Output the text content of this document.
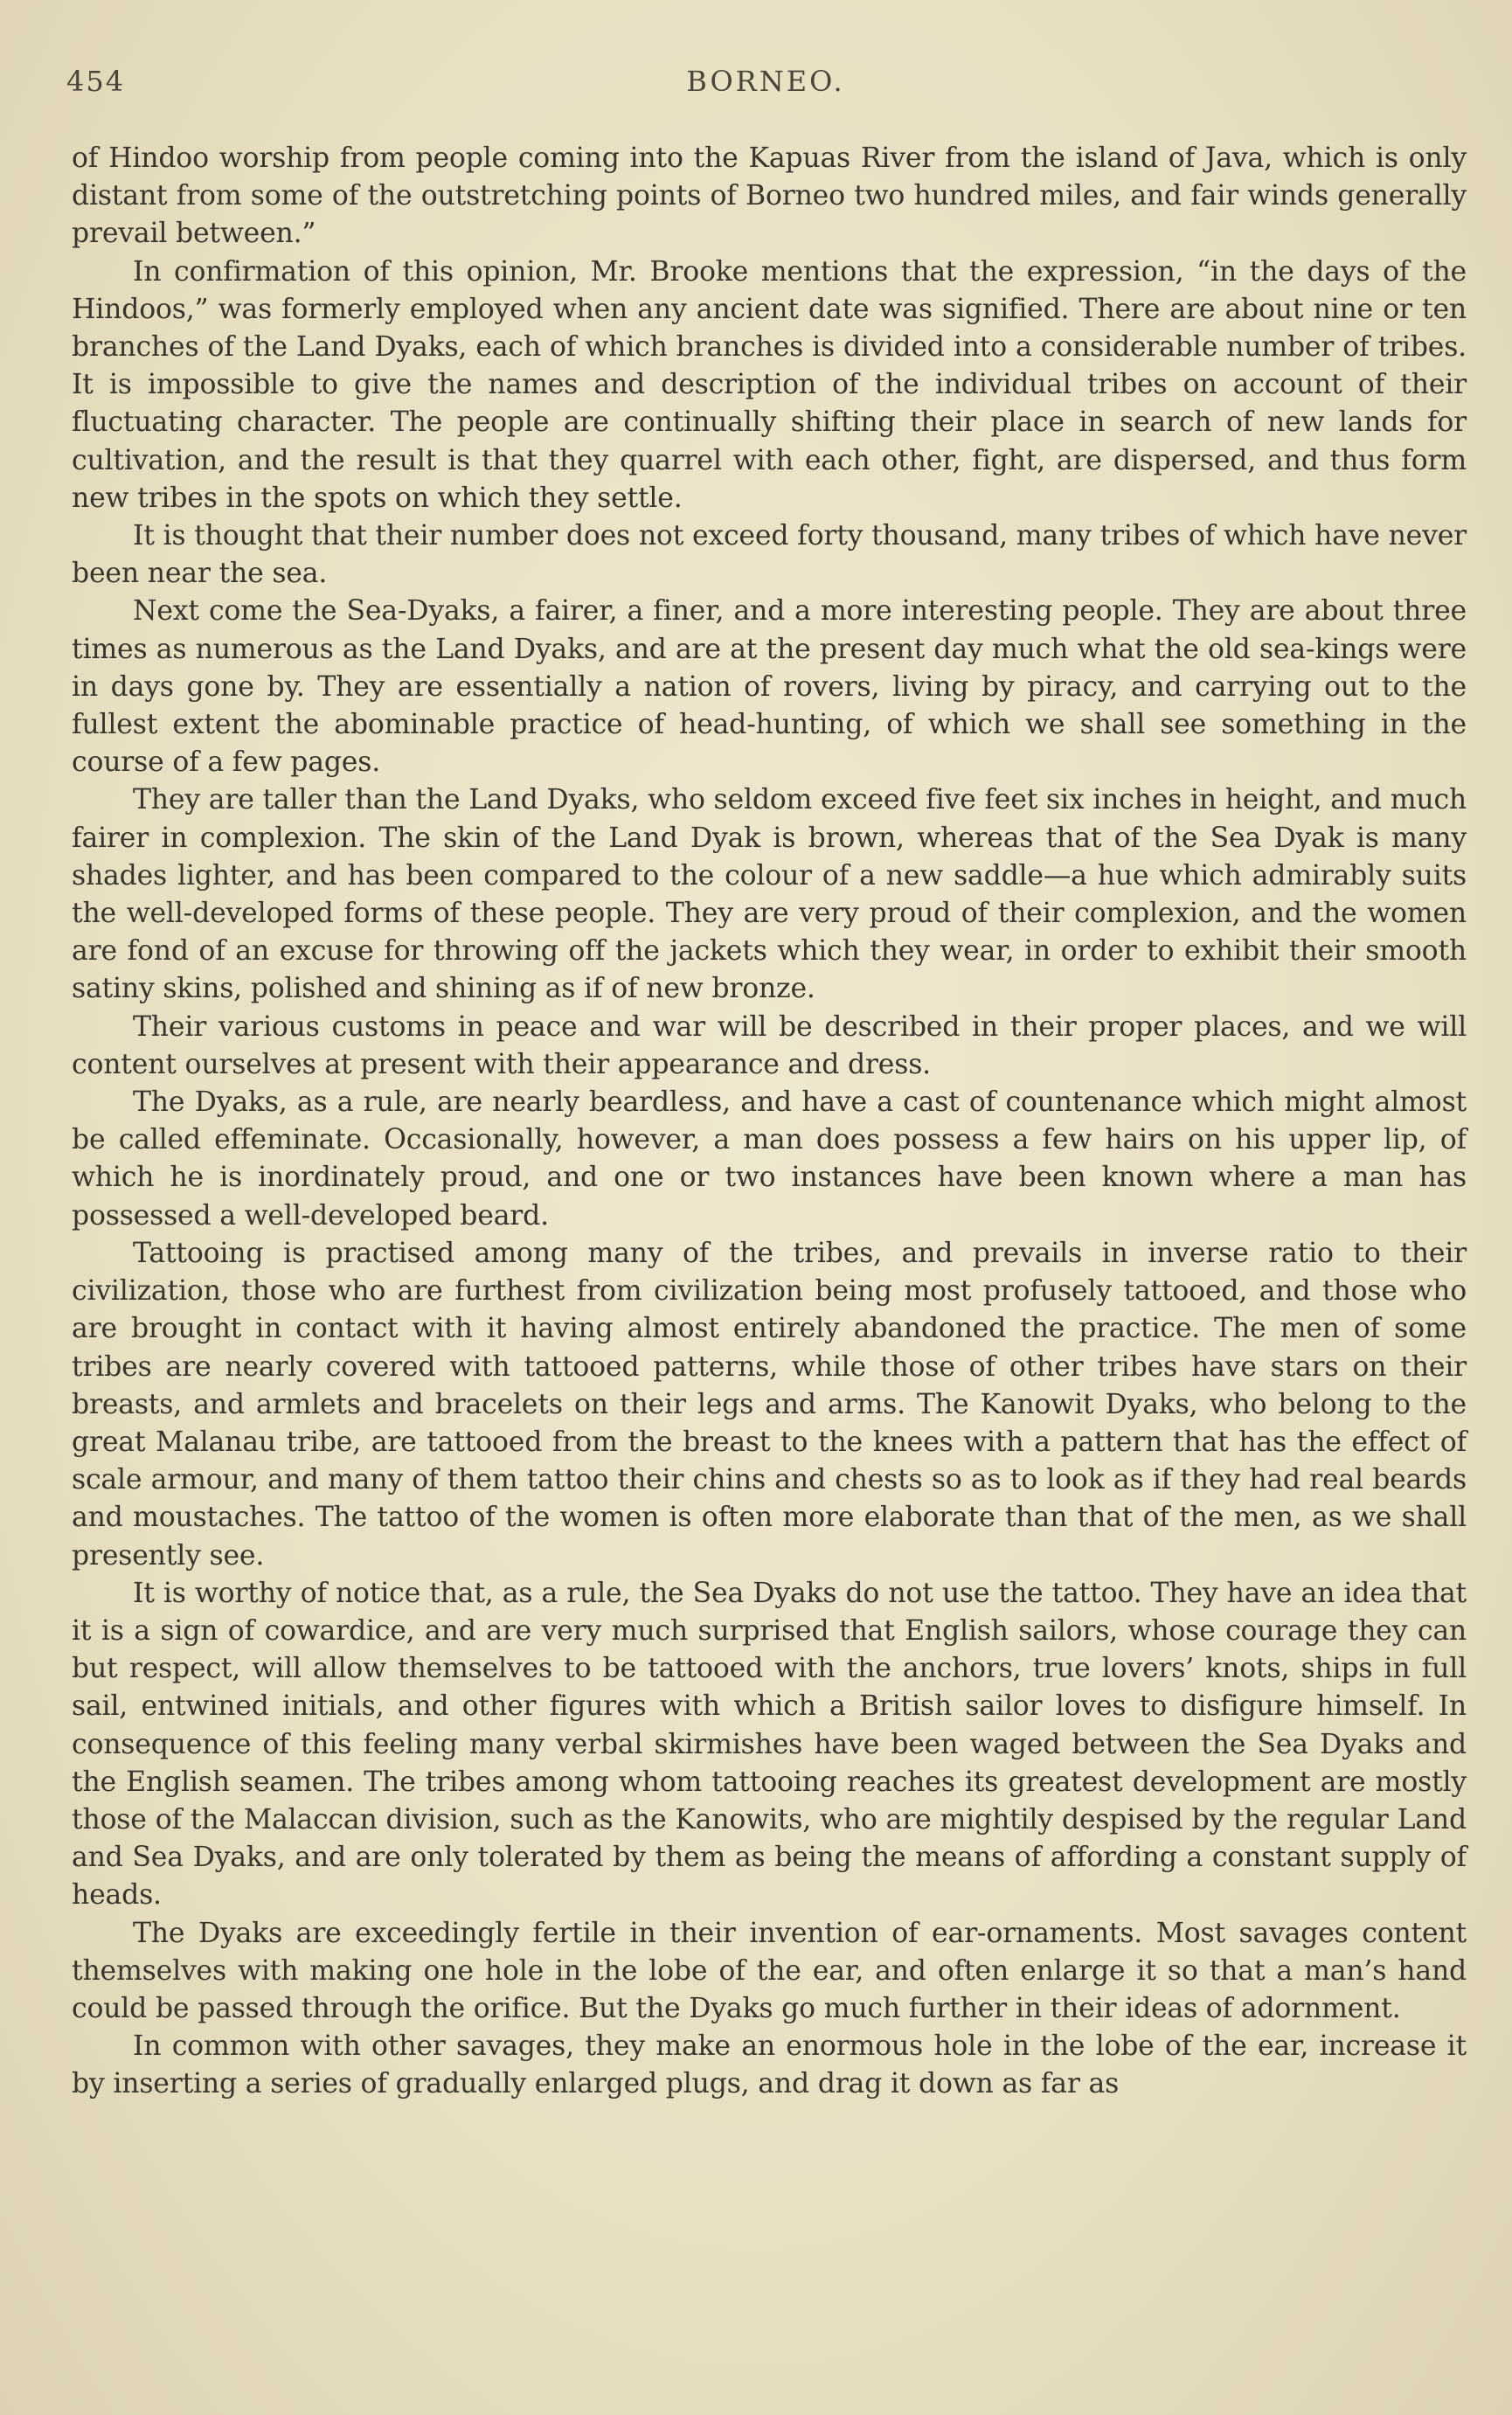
454	BORNEO.

of Hindoo worship from people coming into the Kapuas River from the island of Java, which is only distant from some of the outstretching points of Borneo two hundred miles, and fair winds generally prevail between.”

In confirmation of this opinion, Mr. Brooke mentions that the expression, “in the days of the Hindoos,” was formerly employed when any ancient date was signified. There are about nine or ten branches of the Land Dyaks, each of which branches is divided into a considerable number of tribes. It is impossible to give the names and description of the individual tribes on account of their fluctuating character. The people are continually shifting their place in search of new lands for cultivation, and the result is that they quarrel with each other, fight, are dispersed, and thus form new tribes in the spots on which they settle.

It is thought that their number does not exceed forty thousand, many tribes of which have never been near the sea.

Next come the Sea-Dyaks, a fairer, a finer, and a more interesting people. They are about three times as numerous as the Land Dyaks, and are at the present day much what the old sea-kings were in days gone by. They are essentially a nation of rovers, living by piracy, and carrying out to the fullest extent the abominable practice of head-hunting, of which we shall see something in the course of a few pages.

They are taller than the Land Dyaks, who seldom exceed five feet six inches in height, and much fairer in complexion. The skin of the Land Dyak is brown, whereas that of the Sea Dyak is many shades lighter, and has been compared to the colour of a new saddle—a hue which admirably suits the well-developed forms of these people. They are very proud of their complexion, and the women are fond of an excuse for throwing off the jackets which they wear, in order to exhibit their smooth satiny skins, polished and shining as if of new bronze.

Their various customs in peace and war will be described in their proper places, and we will content ourselves at present with their appearance and dress.

The Dyaks, as a rule, are nearly beardless, and have a cast of countenance which might almost be called effeminate. Occasionally, however, a man does possess a few hairs on his upper lip, of which he is inordinately proud, and one or two instances have been known where a man has possessed a well-developed beard.

Tattooing is practised among many of the tribes, and prevails in inverse ratio to their civilization, those who are furthest from civilization being most profusely tattooed, and those who are brought in contact with it having almost entirely abandoned the practice. The men of some tribes are nearly covered with tattooed patterns, while those of other tribes have stars on their breasts, and armlets and bracelets on their legs and arms. The Kanowit Dyaks, who belong to the great Malanau tribe, are tattooed from the breast to the knees with a pattern that has the effect of scale armour, and many of them tattoo their chins and chests so as to look as if they had real beards and moustaches. The tattoo of the women is often more elaborate than that of the men, as we shall presently see.

It is worthy of notice that, as a rule, the Sea Dyaks do not use the tattoo. They have an idea that it is a sign of cowardice, and are very much surprised that English sailors, whose courage they can but respect, will allow themselves to be tattooed with the anchors, true lovers’ knots, ships in full sail, entwined initials, and other figures with which a British sailor loves to disfigure himself. In consequence of this feeling many verbal skirmishes have been waged between the Sea Dyaks and the English seamen. The tribes among whom tattooing reaches its greatest development are mostly those of the Malaccan division, such as the Kanowits, who are mightily despised by the regular Land and Sea Dyaks, and are only tolerated by them as being the means of affording a constant supply of heads.

The Dyaks are exceedingly fertile in their invention of ear-ornaments. Most savages content themselves with making one hole in the lobe of the ear, and often enlarge it so that a man’s hand could be passed through the orifice. But the Dyaks go much further in their ideas of adornment.

In common with other savages, they make an enormous hole in the lobe of the ear, increase it by inserting a series of gradually enlarged plugs, and drag it down as far as
